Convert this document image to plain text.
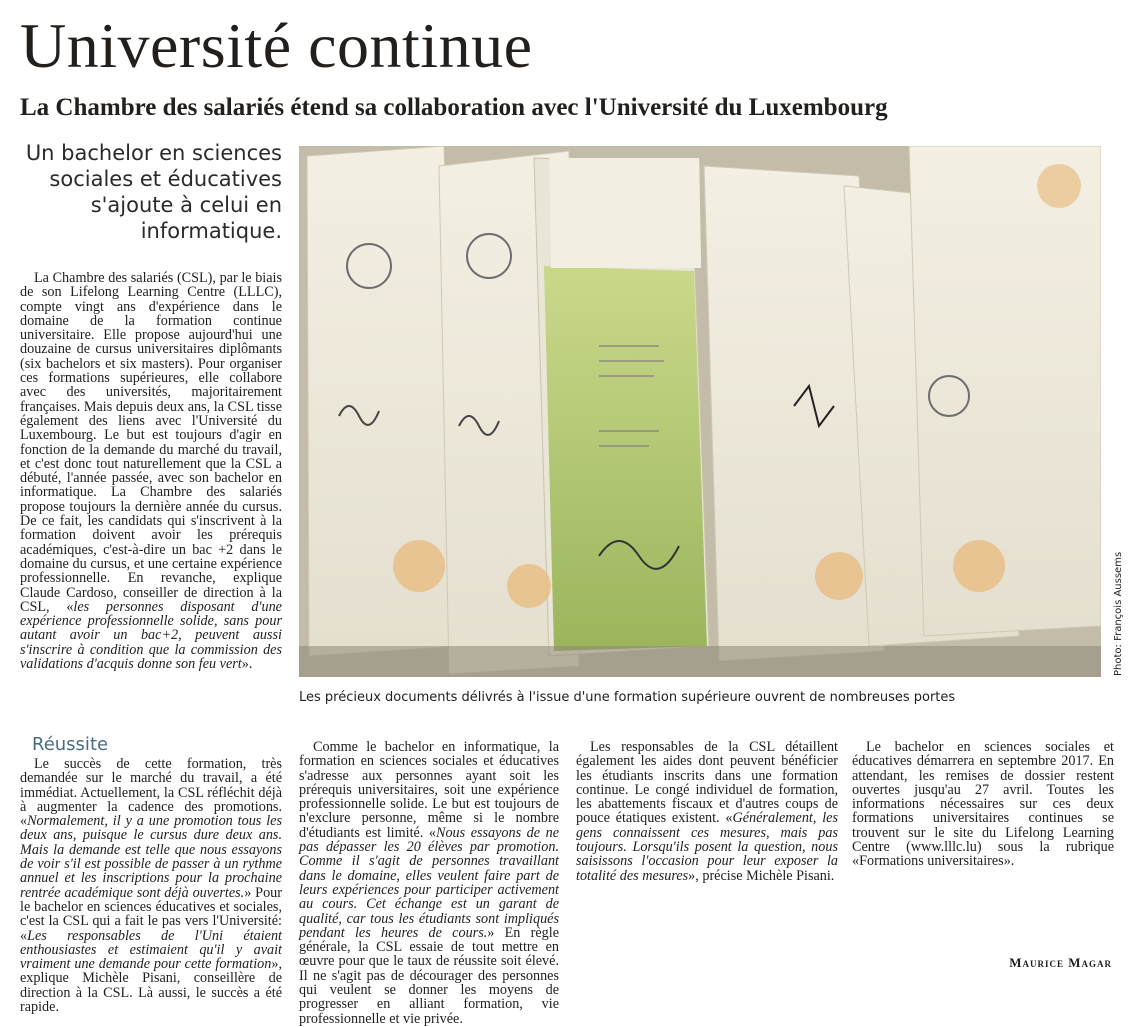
Université continue
La Chambre des salariés étend sa collaboration avec l'Université du Luxembourg

Un bachelor en sciences

sociales et éducatives

s'ajoute à celui en

informatique.

La Chambre des salariés (CSL), par le biais de son Lifelong Learning Centre (LLLC), compte vingt ans d'expérience dans le domaine de la formation continue universitaire. Elle propose aujourd'hui une douzaine de cursus universitaires diplômants (six bachelors et six masters). Pour organiser ces formations supérieures, elle collabore avec des universités, majoritairement françaises. Mais depuis deux ans, la CSL tisse également des liens avec l'Université du Luxembourg. Le but est toujours d'agir en fonction de la demande du marché du travail, et c'est donc tout naturellement que la CSL a débuté, l'année passée, avec son bachelor en informatique. La Chambre des salariés propose toujours la dernière année du cursus. De ce fait, les candidats qui s'inscrivent à la formation doivent avoir les prérequis académiques, c'est-à-dire un bac +2 dans le domaine du cursus, et une certaine expérience professionnelle. En revanche, explique Claude Cardoso, conseiller de direction à la CSL, «les personnes disposant d'une expérience professionnelle solide, sans pour autant avoir un bac+2, peuvent aussi s'inscrire à condition que la commission des validations d'acquis donne son feu vert».

Réussite

Le succès de cette formation, très demandée sur le marché du travail, a été immédiat. Actuellement, la CSL réfléchit déjà à augmenter la cadence des promotions. «Normalement, il y a une promotion tous les deux ans, puisque le cursus dure deux ans. Mais la demande est telle que nous essayons de voir s'il est possible de passer à un rythme annuel et les inscriptions pour la prochaine rentrée académique sont déjà ouvertes.» Pour le bachelor en sciences éducatives et sociales, c'est la CSL qui a fait le pas vers l'Université: «Les responsables de l'Uni étaient enthousiastes et estimaient qu'il y avait vraiment une demande pour cette formation», explique Michèle Pisani, conseillère de direction à la CSL. Là aussi, le succès a été rapide.

Comme le bachelor en informatique, la formation en sciences sociales et éducatives s'adresse aux personnes ayant soit les prérequis universitaires, soit une expérience professionnelle solide. Le but est toujours de n'exclure personne, même si le nombre d'étudiants est limité. «Nous essayons de ne pas dépasser les 20 élèves par promotion. Comme il s'agit de personnes travaillant dans le domaine, elles veulent faire part de leurs expériences pour participer activement au cours. Cet échange est un garant de qualité, car tous les étudiants sont impliqués pendant les heures de cours.» En règle générale, la CSL essaie de tout mettre en œuvre pour que le taux de réussite soit élevé. Il ne s'agit pas de décourager des personnes qui veulent se donner les moyens de progresser en alliant formation, vie professionnelle et vie privée.

Les responsables de la CSL détaillent également les aides dont peuvent bénéficier les étudiants inscrits dans une formation continue. Le congé individuel de formation, les abattements fiscaux et d'autres coups de pouce étatiques existent. «Généralement, les gens connaissent ces mesures, mais pas toujours. Lorsqu'ils posent la question, nous saisissons l'occasion pour leur exposer la totalité des mesures», précise Michèle Pisani.

Le bachelor en sciences sociales et éducatives démarrera en septembre 2017. En attendant, les remises de dossier restent ouvertes jusqu'au 27 avril. Toutes les informations nécessaires sur ces deux formations universitaires continues se trouvent sur le site du Lifelong Learning Centre (www.lllc.lu) sous la rubrique «Formations universitaires».

Maurice Magar
Photo: François Aussems

Les précieux documents délivrés à l'issue d'une formation supérieure ouvrent de nombreuses portes
